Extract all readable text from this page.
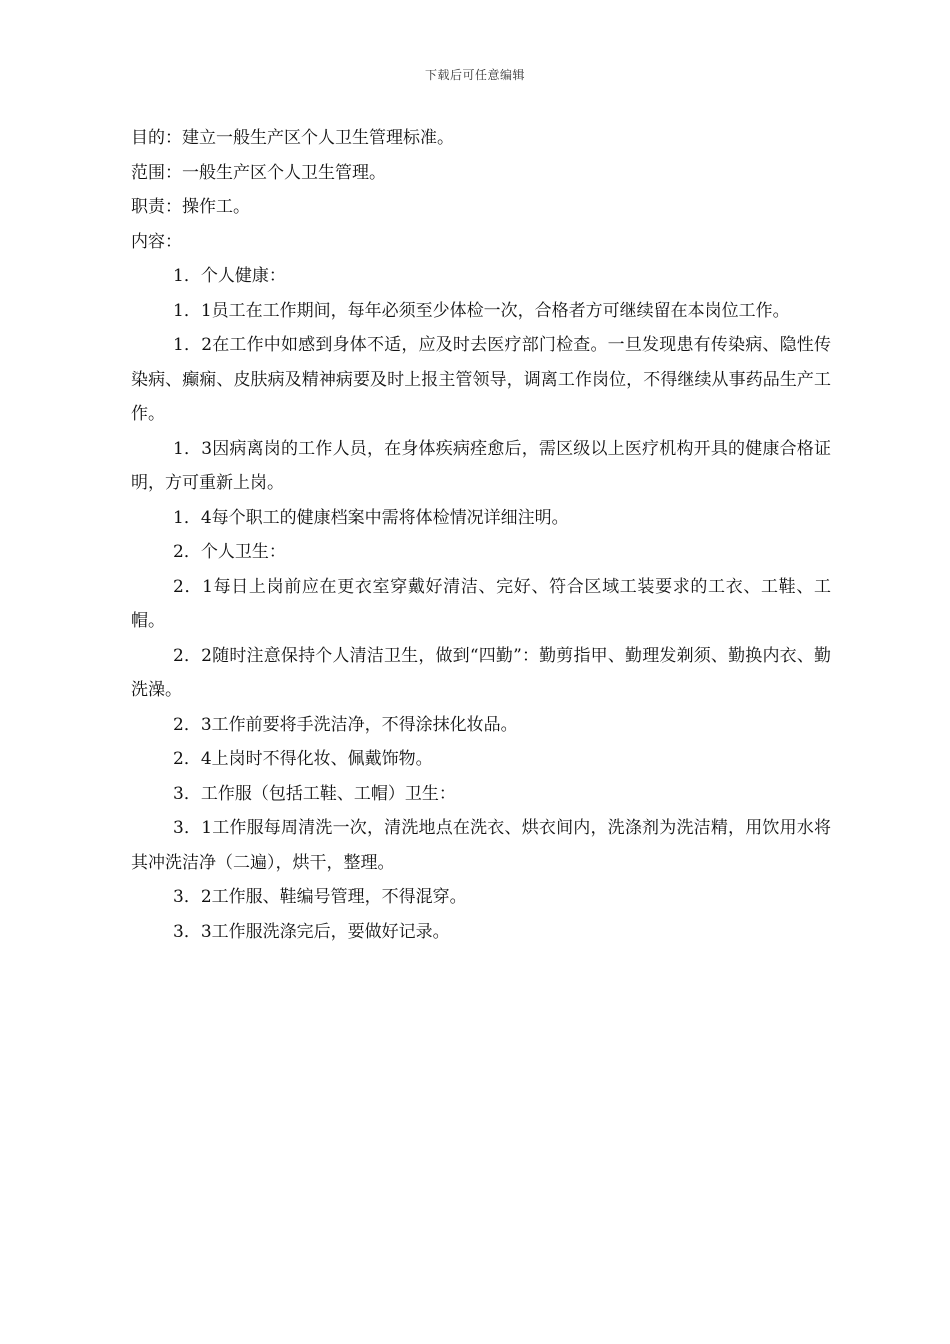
下载后可任意编辑

目的：建立一般生产区个人卫生管理标准。

范围：一般生产区个人卫生管理。

职责：操作工。

内容：

1．个人健康：

1．1员工在工作期间，每年必须至少体检一次，合格者方可继续留在本岗位工作。

1．2在工作中如感到身体不适，应及时去医疗部门检查。一旦发现患有传染病、隐性传染病、癫痫、皮肤病及精神病要及时上报主管领导，调离工作岗位，不得继续从事药品生产工作。

1．3因病离岗的工作人员，在身体疾病痊愈后，需区级以上医疗机构开具的健康合格证明，方可重新上岗。

1．4每个职工的健康档案中需将体检情况详细注明。

2．个人卫生：

2．1每日上岗前应在更衣室穿戴好清洁、完好、符合区域工装要求的工衣、工鞋、工帽。

2．2随时注意保持个人清洁卫生，做到“四勤”：勤剪指甲、勤理发剃须、勤换内衣、勤洗澡。

2．3工作前要将手洗洁净，不得涂抹化妆品。

2．4上岗时不得化妆、佩戴饰物。

3．工作服（包括工鞋、工帽）卫生：

3．1工作服每周清洗一次，清洗地点在洗衣、烘衣间内，洗涤剂为洗洁精，用饮用水将其冲洗洁净（二遍），烘干，整理。

3．2工作服、鞋编号管理，不得混穿。

3．3工作服洗涤完后，要做好记录。
